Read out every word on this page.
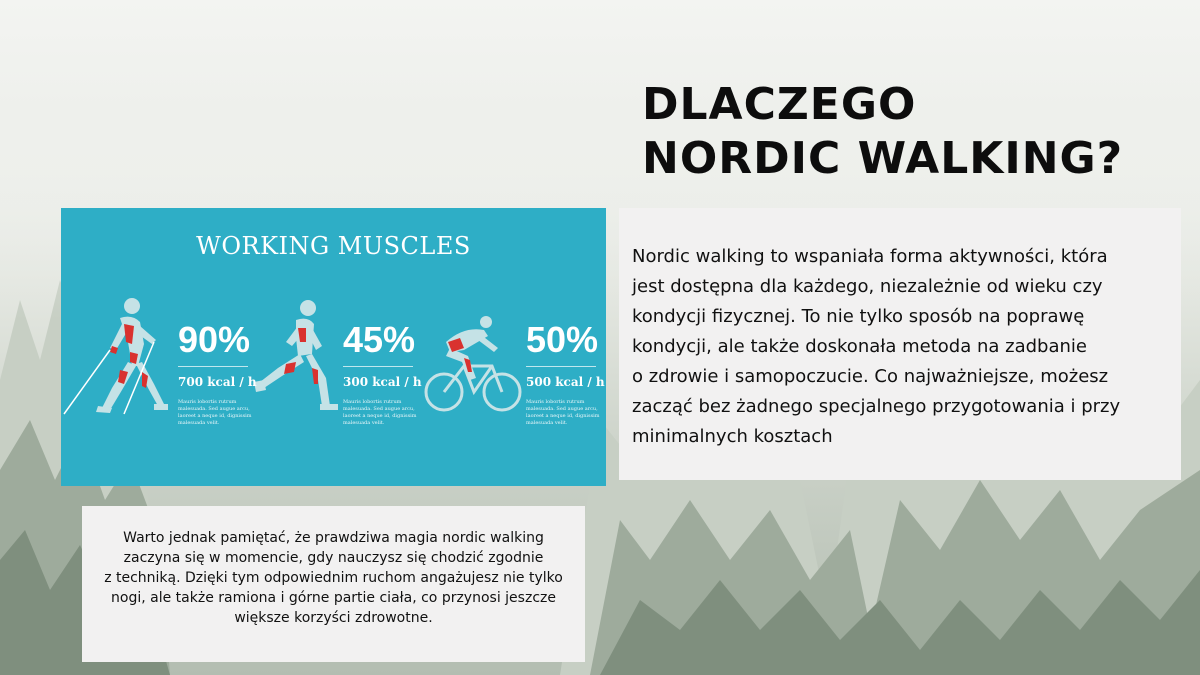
DLACZEGO
NORDIC WALKING?
WORKING MUSCLES
90%
700 kcal / h
Mauris lobortis rutrum malesuada. Sed augue arcu, laoreet a neque id, dignissim malesuada velit.
45%
300 kcal / h
Mauris lobortis rutrum malesuada. Sed augue arcu, laoreet a neque id, dignissim malesuada velit.
50%
500 kcal / h
Mauris lobortis rutrum malesuada. Sed augue arcu, laoreet a neque id, dignissim malesuada velit.

Nordic walking to wspaniała forma aktywności, która
jest dostępna dla każdego, niezależnie od wieku czy
kondycji fizycznej. To nie tylko sposób na poprawę
kondycji, ale także doskonała metoda na zadbanie
o zdrowie i samopoczucie. Co najważniejsze, możesz
zacząć bez żadnego specjalnego przygotowania i przy
minimalnych kosztach

Warto jednak pamiętać, że prawdziwa magia nordic walking
zaczyna się w momencie, gdy nauczysz się chodzić zgodnie
z techniką. Dzięki tym odpowiednim ruchom angażujesz nie tylko
nogi, ale także ramiona i górne partie ciała, co przynosi jeszcze
większe korzyści zdrowotne.
